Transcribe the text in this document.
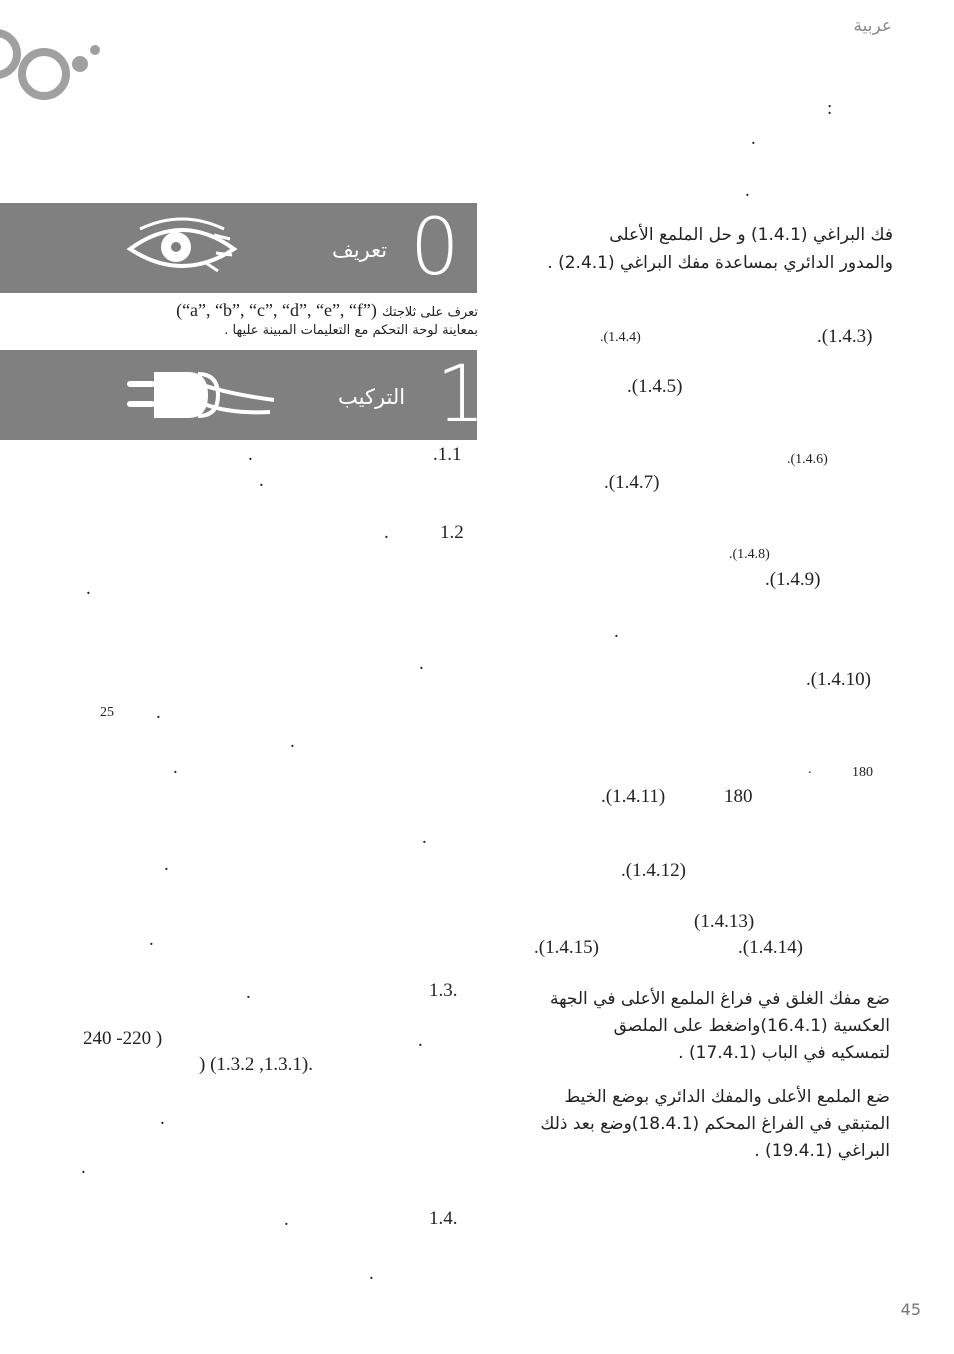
عربية
تعريف 0
(“a”, “b”, “c”, “d”, “e”, “f”) تعرف على ثلاجتك
بمعاينة لوحة التحكم مع التعليمات المبينة عليها .
التركيب 1
.1.1
.
.
1.2
.
.
.
25 .
.
.
.
.
.
1.3.
.
240 -220 )	.
) (1.3.2 ,1.3.1).
.
.
1.4.
.
.
:
.
.
فك البراغي (1.4.1) و حل الملمع الأعلى
والمدور الدائري بمساعدة مفك البراغي (2.4.1) .
.(1.4.3)
.(1.4.4)
.(1.4.5)
.(1.4.6)
.(1.4.7)
.(1.4.8)
.(1.4.9)
.
.(1.4.10)
180
.
180
.(1.4.11)
.(1.4.12)
(1.4.13)
.(1.4.14)
.(1.4.15)
ضع مفك الغلق في فراغ الملمع الأعلى في الجهة
العكسية (16.4.1)واضغط على الملصق
لتمسكيه في الباب (17.4.1) .
ضع الملمع الأعلى والمفك الدائري بوضع الخيط
المتبقي في الفراغ المحكم (18.4.1)وضع بعد ذلك
البراغي (19.4.1) .
45
